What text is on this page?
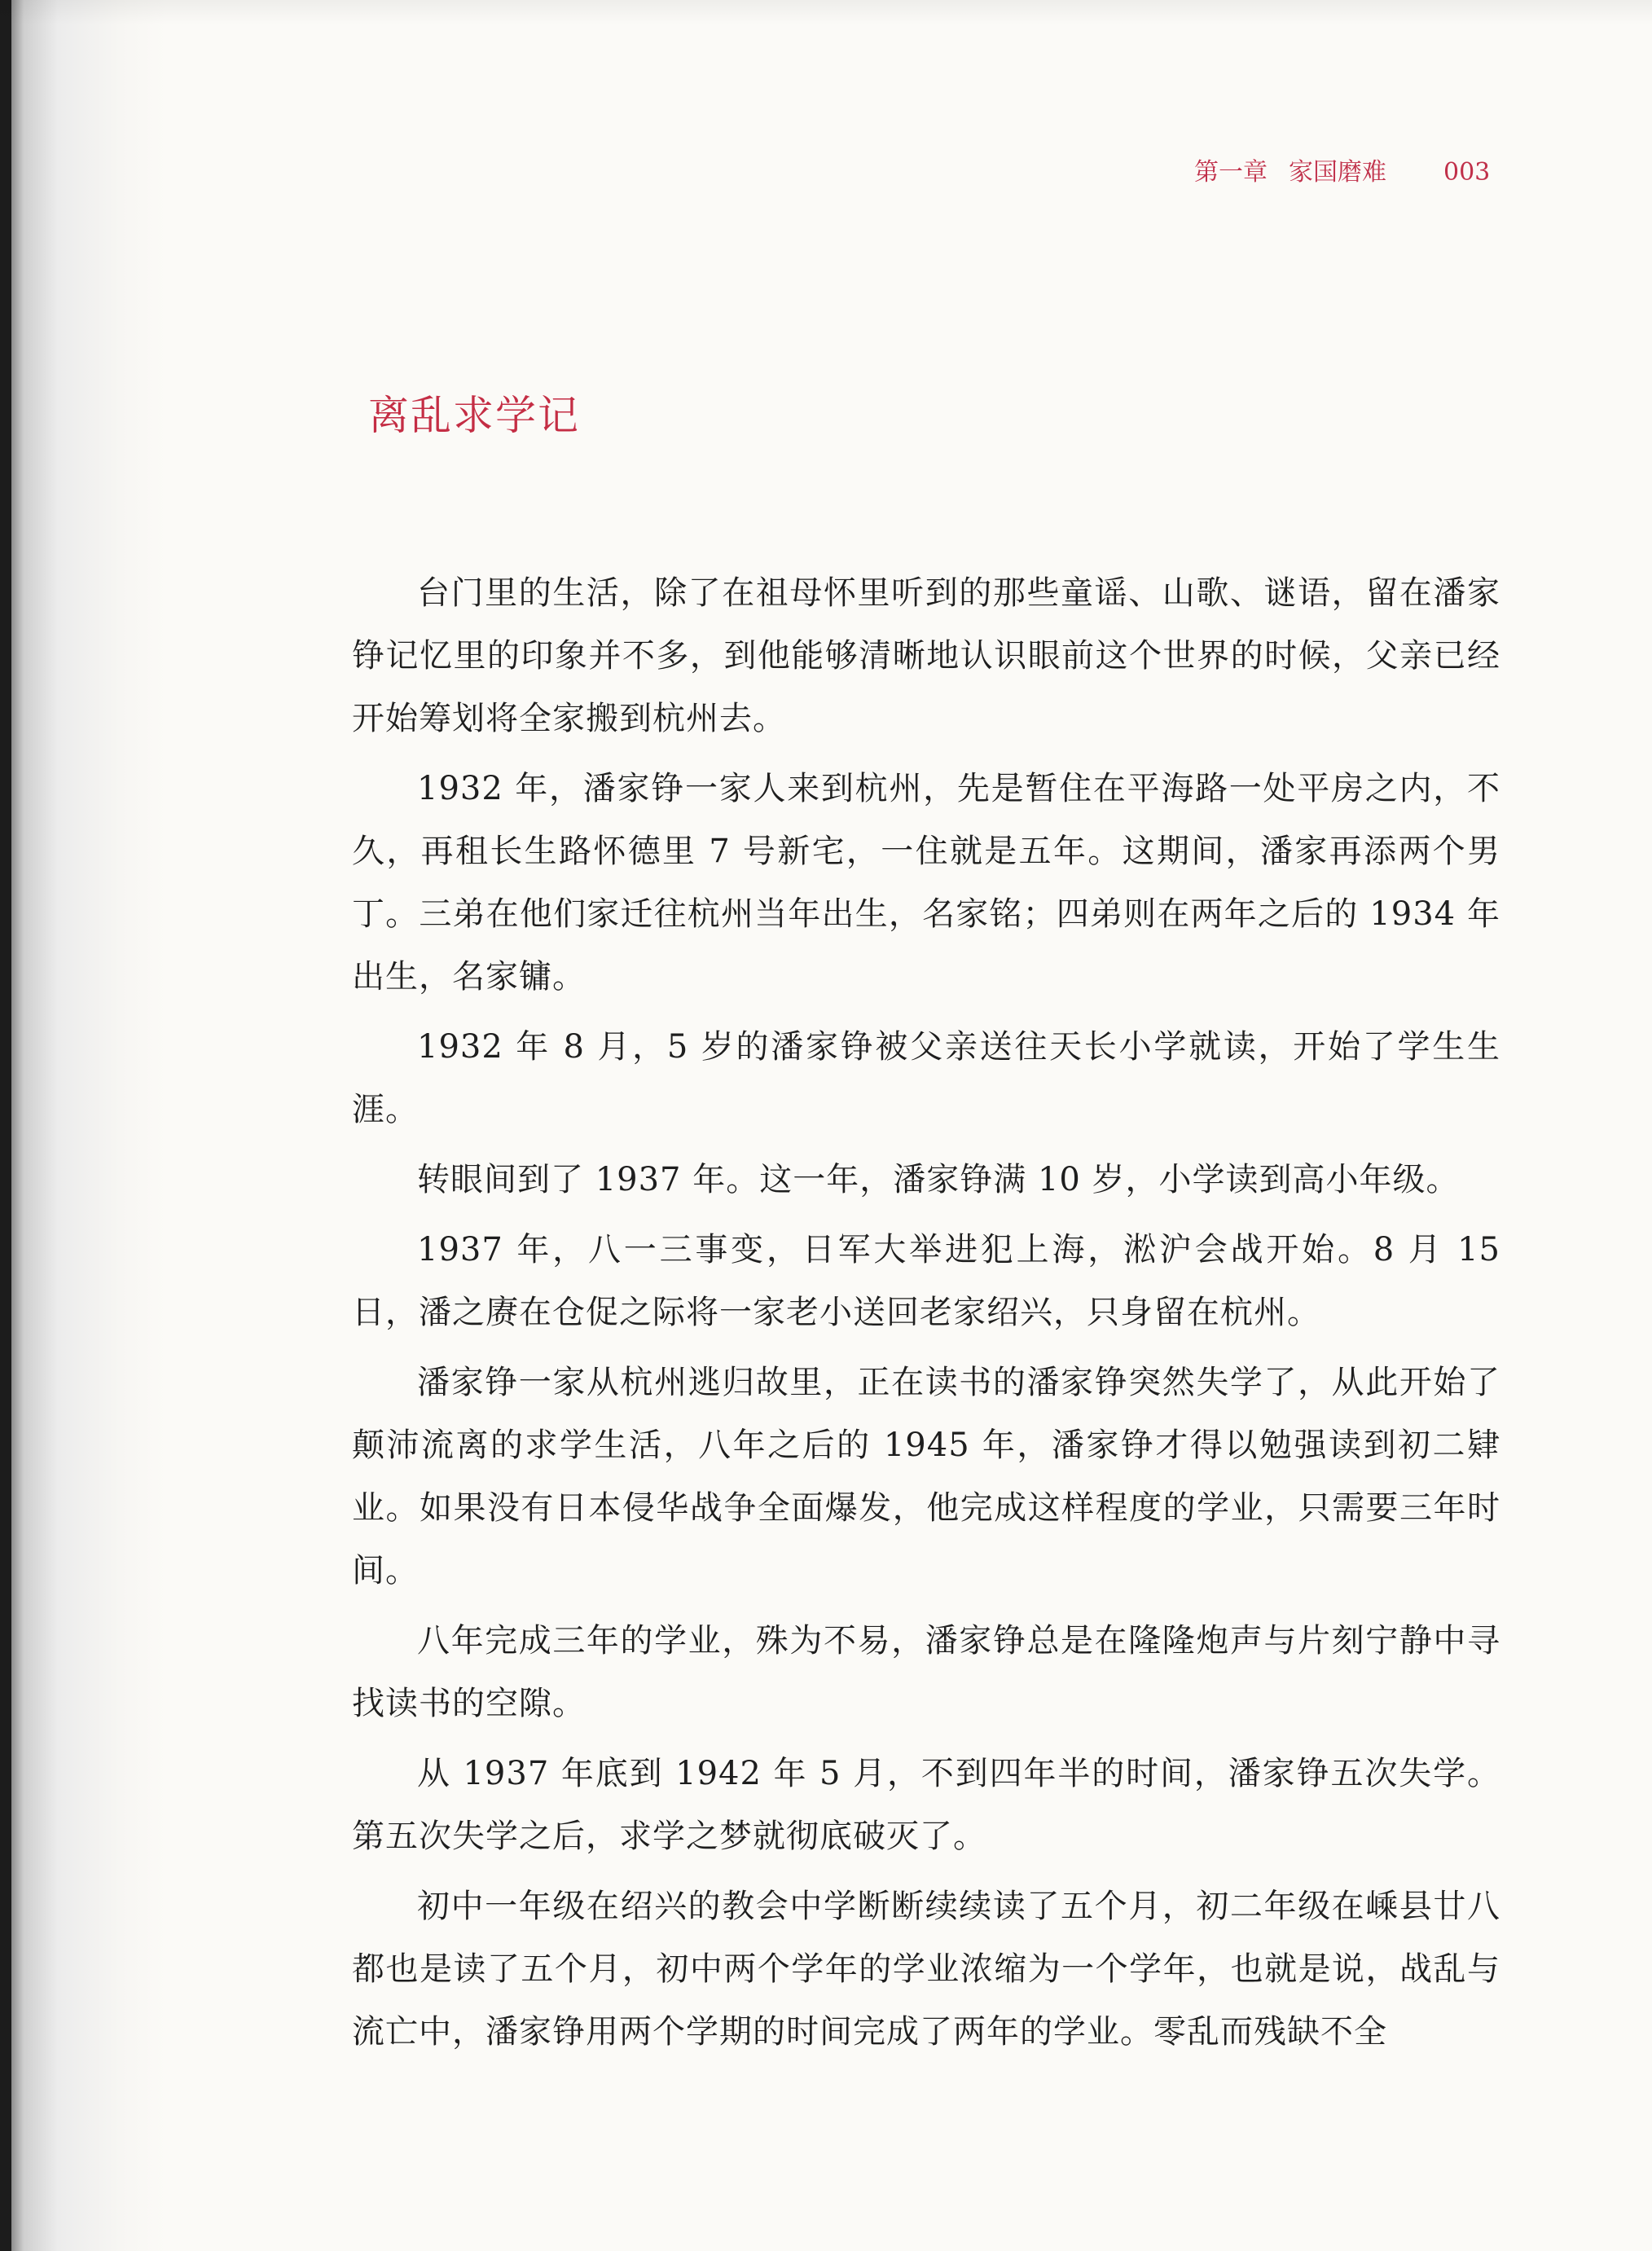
第一章 家国磨难 003
离乱求学记

台门里的生活，除了在祖母怀里听到的那些童谣、山歌、谜语，留在潘家铮记忆里的印象并不多，到他能够清晰地认识眼前这个世界的时候，父亲已经开始筹划将全家搬到杭州去。

1932 年，潘家铮一家人来到杭州，先是暂住在平海路一处平房之内，不久，再租长生路怀德里 7 号新宅，一住就是五年。这期间，潘家再添两个男丁。三弟在他们家迁往杭州当年出生，名家铭；四弟则在两年之后的 1934 年出生，名家镛。

1932 年 8 月，5 岁的潘家铮被父亲送往天长小学就读，开始了学生生涯。

转眼间到了 1937 年。这一年，潘家铮满 10 岁，小学读到高小年级。

1937 年，八一三事变，日军大举进犯上海，淞沪会战开始。8 月 15 日，潘之赓在仓促之际将一家老小送回老家绍兴，只身留在杭州。

潘家铮一家从杭州逃归故里，正在读书的潘家铮突然失学了，从此开始了颠沛流离的求学生活，八年之后的 1945 年，潘家铮才得以勉强读到初二肄业。如果没有日本侵华战争全面爆发，他完成这样程度的学业，只需要三年时间。

八年完成三年的学业，殊为不易，潘家铮总是在隆隆炮声与片刻宁静中寻找读书的空隙。

从 1937 年底到 1942 年 5 月，不到四年半的时间，潘家铮五次失学。第五次失学之后，求学之梦就彻底破灭了。

初中一年级在绍兴的教会中学断断续续读了五个月，初二年级在嵊县廿八都也是读了五个月，初中两个学年的学业浓缩为一个学年，也就是说，战乱与流亡中，潘家铮用两个学期的时间完成了两年的学业。零乱而残缺不全
